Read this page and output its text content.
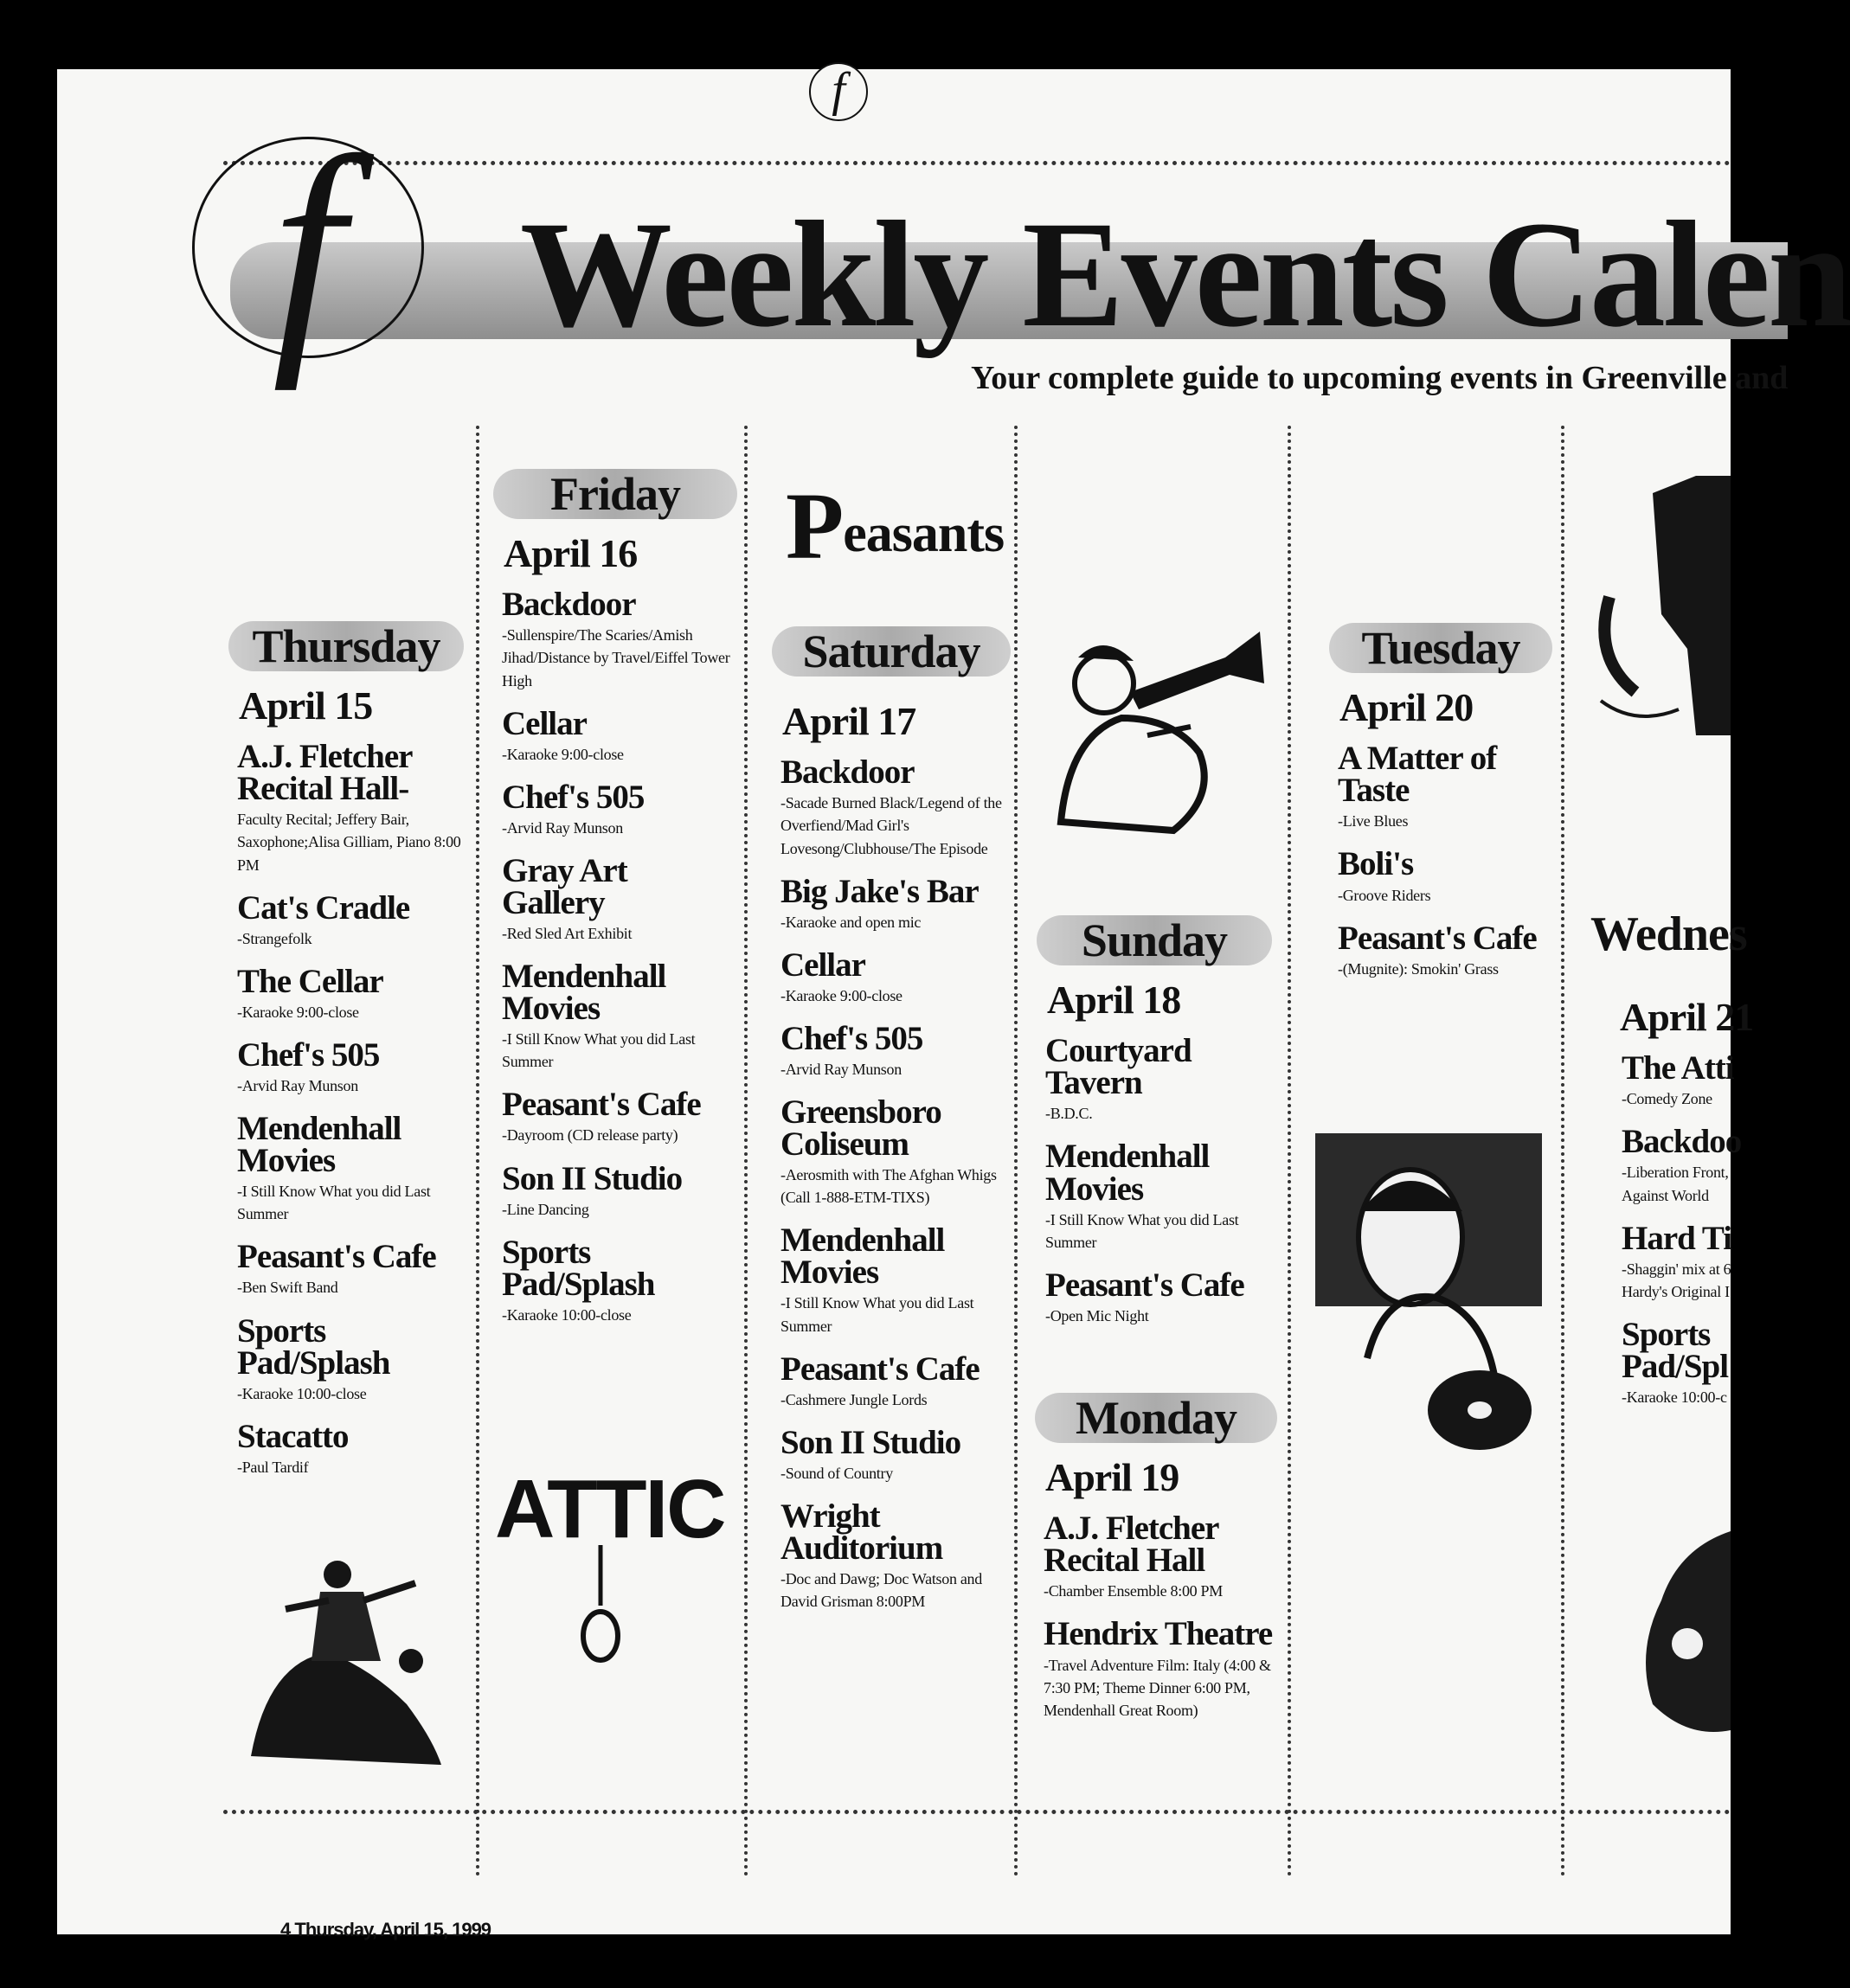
Weekly Events Calen
Your complete guide to upcoming events in Greenville and
4 Thursday, April 15, 1999
f
f
Thursday
April 15
A.J. Fletcher Recital Hall-
Faculty Recital; Jeffery Bair, Saxophone;Alisa Gilliam, Piano 8:00 PM
Cat's Cradle
-Strangefolk
The Cellar
-Karaoke 9:00-close
Chef's 505
-Arvid Ray Munson
Mendenhall Movies
-I Still Know What you did Last Summer
Peasant's Cafe
-Ben Swift Band
Sports Pad/Splash
-Karaoke 10:00-close
Stacatto
-Paul Tardif
Friday
April 16
Backdoor
-Sullenspire/The Scaries/Amish Jihad/Distance by Travel/Eiffel Tower High
Cellar
-Karaoke 9:00-close
Chef's 505
-Arvid Ray Munson
Gray Art Gallery
-Red Sled Art Exhibit
Mendenhall Movies
-I Still Know What you did Last Summer
Peasant's Cafe
-Dayroom (CD release party)
Son II Studio
-Line Dancing
Sports Pad/Splash
-Karaoke 10:00-close
Saturday
April 17
Backdoor
-Sacade Burned Black/Legend of the Overfiend/Mad Girl's Lovesong/Clubhouse/The Episode
Big Jake's Bar
-Karaoke and open mic
Cellar
-Karaoke 9:00-close
Chef's 505
-Arvid Ray Munson
Greensboro Coliseum
-Aerosmith with The Afghan Whigs (Call 1-888-ETM-TIXS)
Mendenhall Movies
-I Still Know What you did Last Summer
Peasant's Cafe
-Cashmere Jungle Lords
Son II Studio
-Sound of Country
Wright Auditorium
-Doc and Dawg; Doc Watson and David Grisman 8:00PM
Sunday
April 18
Courtyard Tavern
-B.D.C.
Mendenhall Movies
-I Still Know What you did Last Summer
Peasant's Cafe
-Open Mic Night
Monday
April 19
A.J. Fletcher Recital Hall
-Chamber Ensemble 8:00 PM
Hendrix Theatre
-Travel Adventure Film: Italy (4:00 & 7:30 PM; Theme Dinner 6:00 PM, Mendenhall Great Room)
Tuesday
April 20
A Matter of Taste
-Live Blues
Boli's
-Groove Riders
Peasant's Cafe
-(Mugnite): Smokin' Grass
Wednes
April 21
The Atti
-Comedy Zone
Backdoo
-Liberation Front, Against World
Hard Ti
-Shaggin' mix at 6 Hardy's Original I
Sports Pad/Spl
-Karaoke 10:00-c
Peasants
ATTIC
